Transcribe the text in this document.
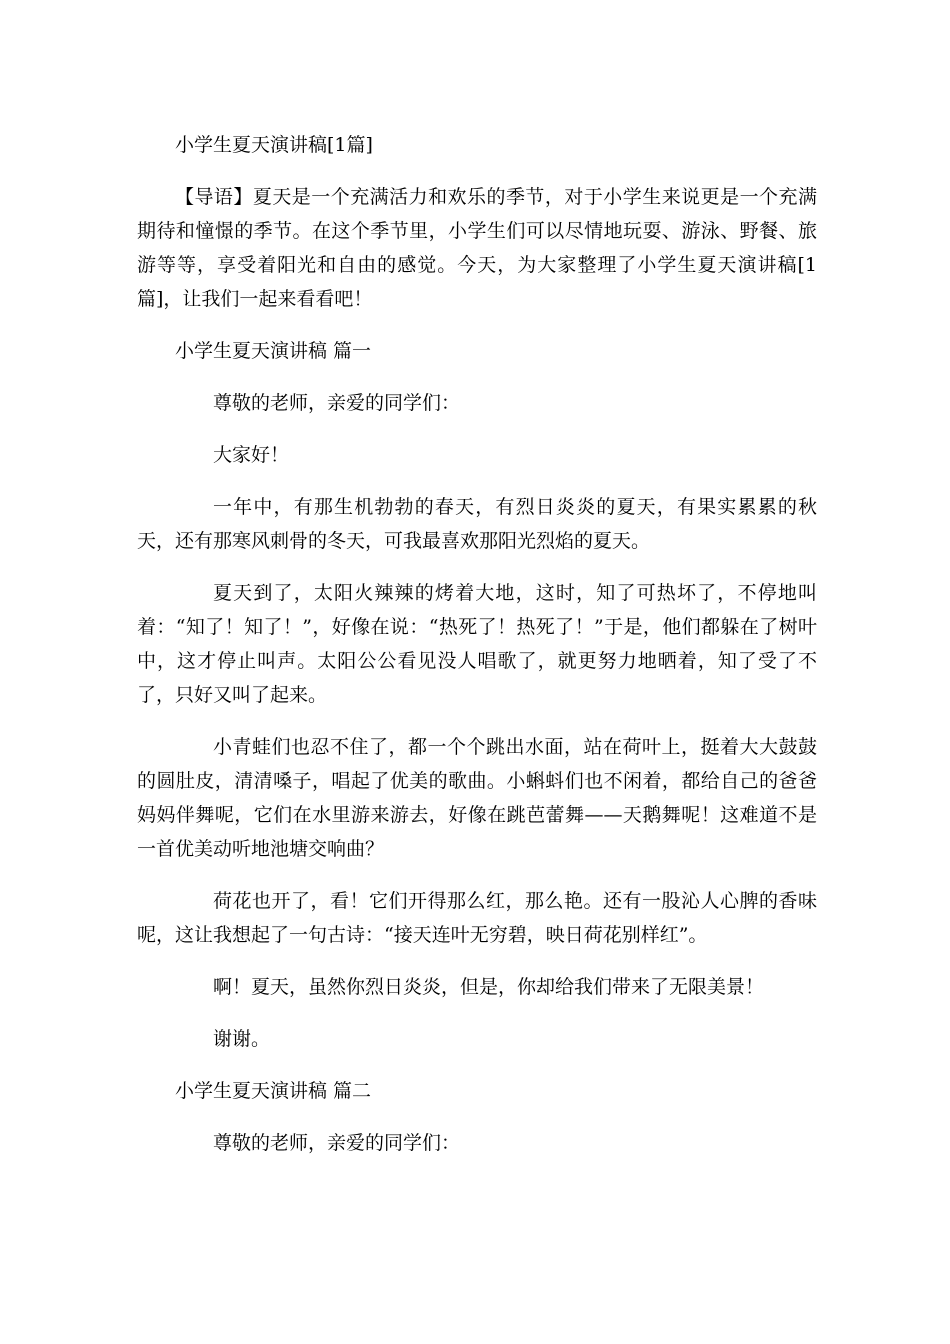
小学生夏天演讲稿[1篇]

【导语】夏天是一个充满活力和欢乐的季节，对于小学生来说更是一个充满期待和憧憬的季节。在这个季节里，小学生们可以尽情地玩耍、游泳、野餐、旅游等等，享受着阳光和自由的感觉。今天，为大家整理了小学生夏天演讲稿[1篇]，让我们一起来看看吧！

小学生夏天演讲稿 篇一

尊敬的老师，亲爱的同学们：

大家好！

一年中，有那生机勃勃的春天，有烈日炎炎的夏天，有果实累累的秋天，还有那寒风刺骨的冬天，可我最喜欢那阳光烈焰的夏天。

夏天到了，太阳火辣辣的烤着大地，这时，知了可热坏了，不停地叫着：“知了！知了！”，好像在说：“热死了！热死了！”于是，他们都躲在了树叶中，这才停止叫声。太阳公公看见没人唱歌了，就更努力地晒着，知了受了不了，只好又叫了起来。

小青蛙们也忍不住了，都一个个跳出水面，站在荷叶上，挺着大大鼓鼓的圆肚皮，清清嗓子，唱起了优美的歌曲。小蝌蚪们也不闲着，都给自己的爸爸妈妈伴舞呢，它们在水里游来游去，好像在跳芭蕾舞——天鹅舞呢！这难道不是一首优美动听地池塘交响曲？

荷花也开了，看！它们开得那么红，那么艳。还有一股沁人心脾的香味呢，这让我想起了一句古诗：“接天连叶无穷碧，映日荷花别样红”。

啊！夏天，虽然你烈日炎炎，但是，你却给我们带来了无限美景！

谢谢。

小学生夏天演讲稿 篇二

尊敬的老师，亲爱的同学们：
